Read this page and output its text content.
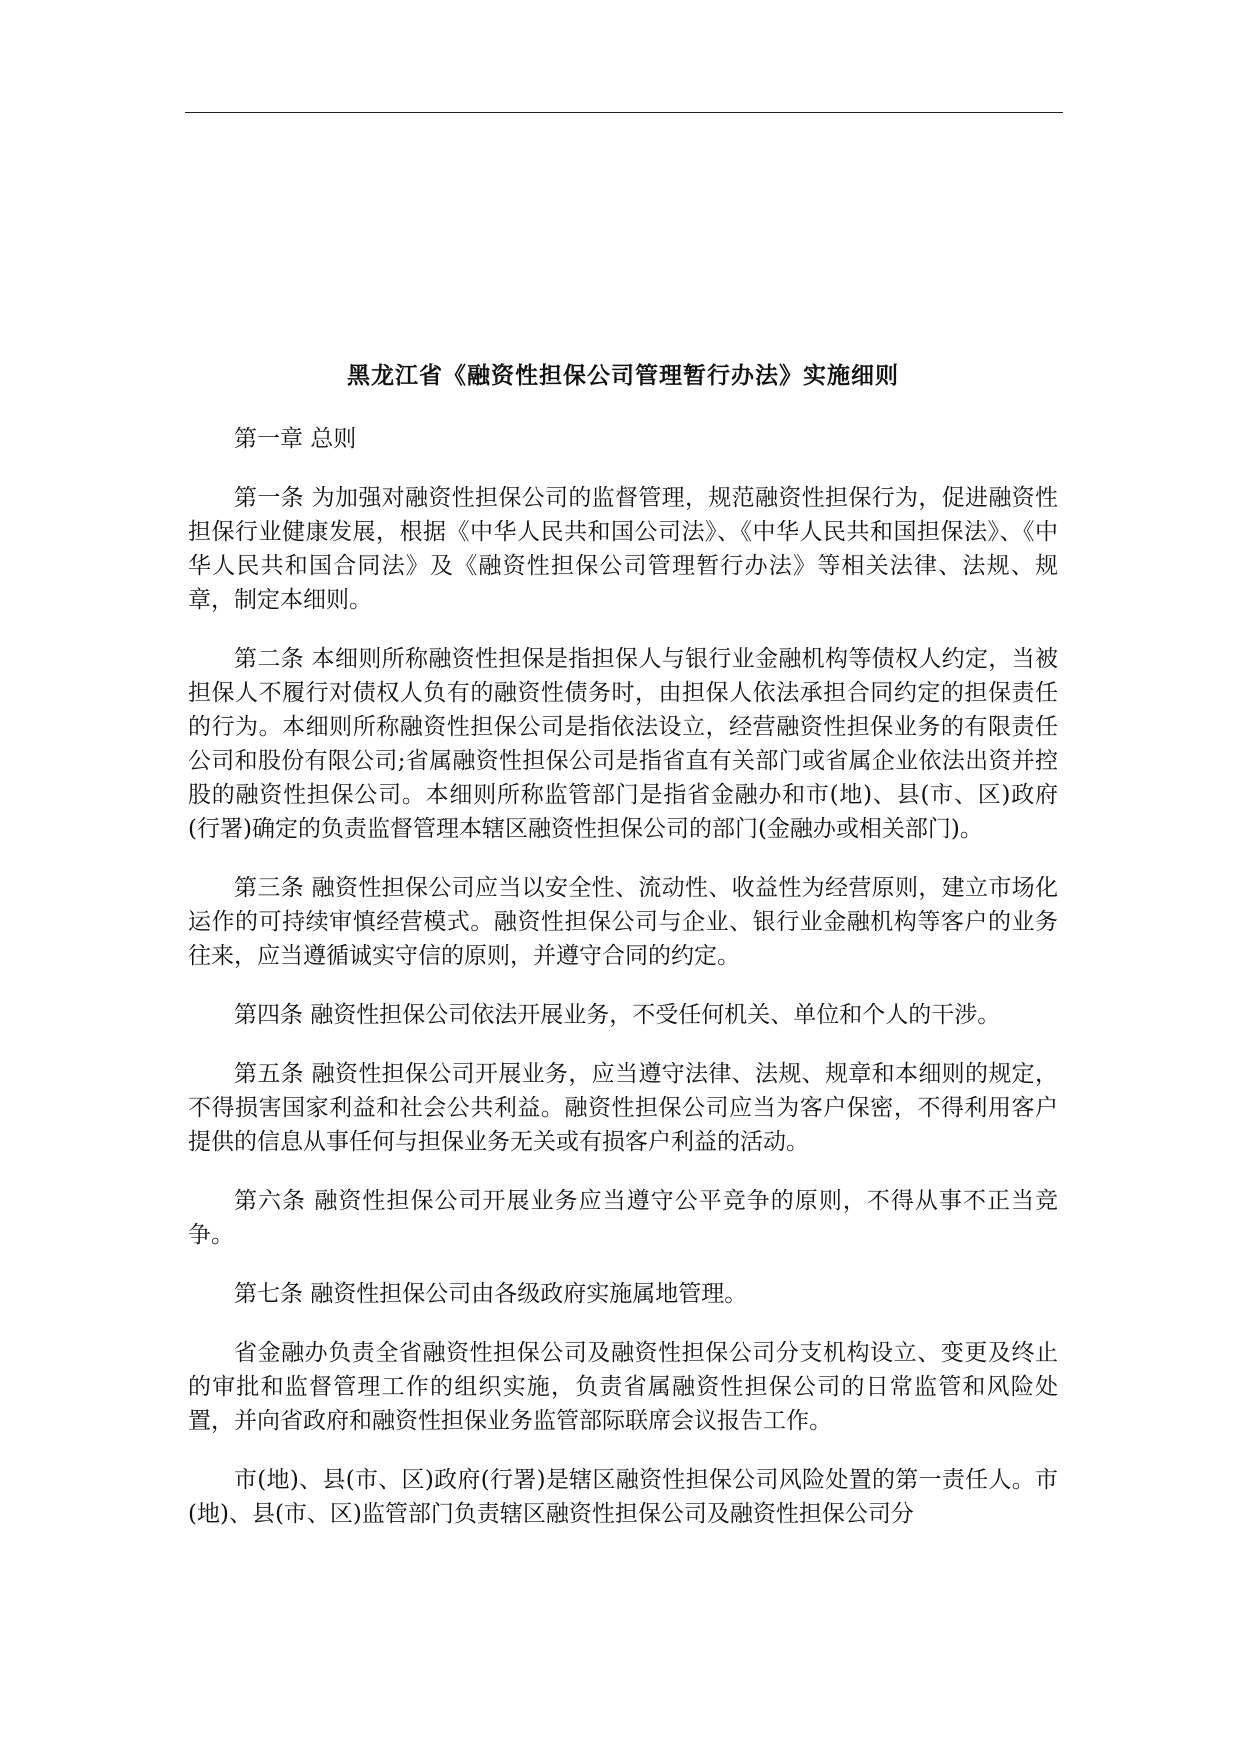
黑龙江省《融资性担保公司管理暂行办法》实施细则

第一章 总则

第一条 为加强对融资性担保公司的监督管理，规范融资性担保行为，促进融资性担保行业健康发展，根据《中华人民共和国公司法》、《中华人民共和国担保法》、《中华人民共和国合同法》及《融资性担保公司管理暂行办法》等相关法律、法规、规章，制定本细则。

第二条 本细则所称融资性担保是指担保人与银行业金融机构等债权人约定，当被担保人不履行对债权人负有的融资性债务时，由担保人依法承担合同约定的担保责任的行为。本细则所称融资性担保公司是指依法设立，经营融资性担保业务的有限责任公司和股份有限公司;省属融资性担保公司是指省直有关部门或省属企业依法出资并控股的融资性担保公司。本细则所称监管部门是指省金融办和市(地)、县(市、区)政府(行署)确定的负责监督管理本辖区融资性担保公司的部门(金融办或相关部门)。

第三条 融资性担保公司应当以安全性、流动性、收益性为经营原则，建立市场化运作的可持续审慎经营模式。融资性担保公司与企业、银行业金融机构等客户的业务往来，应当遵循诚实守信的原则，并遵守合同的约定。

第四条 融资性担保公司依法开展业务，不受任何机关、单位和个人的干涉。

第五条 融资性担保公司开展业务，应当遵守法律、法规、规章和本细则的规定，不得损害国家利益和社会公共利益。融资性担保公司应当为客户保密，不得利用客户提供的信息从事任何与担保业务无关或有损客户利益的活动。

第六条 融资性担保公司开展业务应当遵守公平竞争的原则，不得从事不正当竞争。

第七条 融资性担保公司由各级政府实施属地管理。

省金融办负责全省融资性担保公司及融资性担保公司分支机构设立、变更及终止的审批和监督管理工作的组织实施，负责省属融资性担保公司的日常监管和风险处置，并向省政府和融资性担保业务监管部际联席会议报告工作。

市(地)、县(市、区)政府(行署)是辖区融资性担保公司风险处置的第一责任人。市(地)、县(市、区)监管部门负责辖区融资性担保公司及融资性担保公司分
